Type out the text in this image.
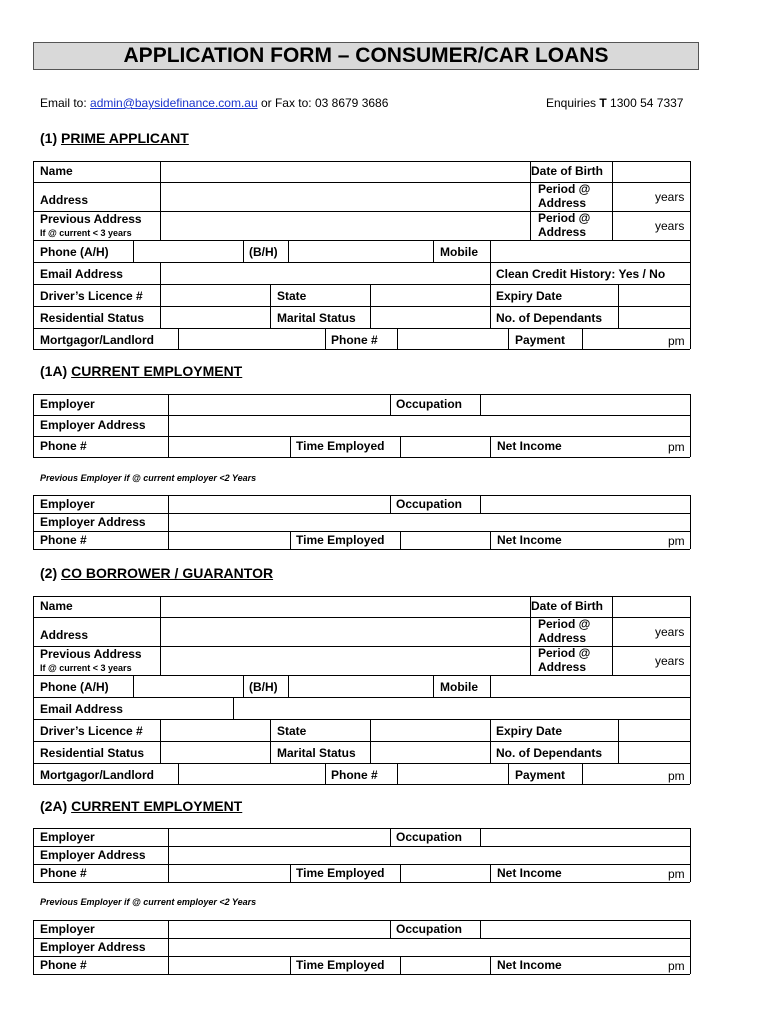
APPLICATION FORM – CONSUMER/CAR LOANS
Email to: admin@baysidefinance.com.au or Fax to: 03 8679 3686	Enquiries T 1300 54 7337
(1) PRIME APPLICANT
(1A) CURRENT EMPLOYMENT
Previous Employer if @ current employer <2 Years
(2) CO BORROWER / GUARANTOR
(2A) CURRENT EMPLOYMENT
Previous Employer if @ current employer <2 Years
Name	Date of Birth
Address
Period @
Address	years
Previous Address
If @ current < 3 years
Period @
Address	years
Phone (A/H)	(B/H)	Mobile
Email Address	Clean Credit History: Yes / No
Driver’s Licence #	State	Expiry Date
Residential Status	Marital Status	No. of Dependants
Mortgagor/Landlord	Phone #	Payment	pm
Employer	Occupation
Employer Address
Phone #	Time Employed	Net Income	pm
Employer	Occupation
Employer Address
Phone #	Time Employed	Net Income	pm
Name	Date of Birth
Address
Period @
Address	years
Previous Address
If @ current < 3 years
Period @
Address	years
Phone (A/H)	(B/H)	Mobile
Email Address
Driver’s Licence #	State	Expiry Date
Residential Status	Marital Status	No. of Dependants
Mortgagor/Landlord	Phone #	Payment	pm
Employer	Occupation
Employer Address
Phone #	Time Employed	Net Income	pm
Employer	Occupation
Employer Address
Phone #	Time Employed	Net Income	pm
